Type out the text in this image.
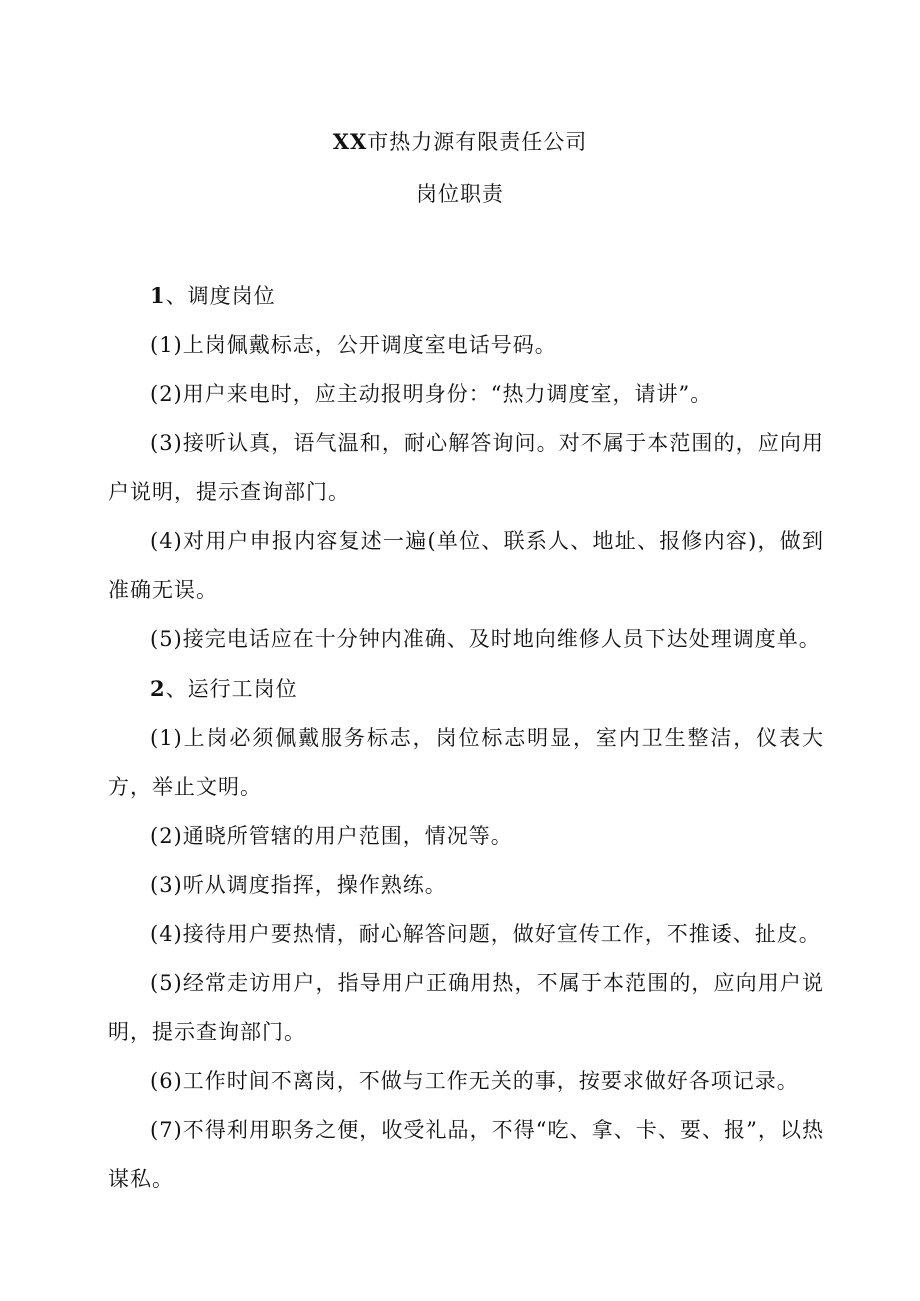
XX市热力源有限责任公司
岗位职责

1、调度岗位

(1)上岗佩戴标志，公开调度室电话号码。

(2)用户来电时，应主动报明身份：“热力调度室，请讲”。

(3)接听认真，语气温和，耐心解答询问。对不属于本范围的，应向用户说明，提示查询部门。

(4)对用户申报内容复述一遍(单位、联系人、地址、报修内容)，做到准确无误。

(5)接完电话应在十分钟内准确、及时地向维修人员下达处理调度单。

2、运行工岗位

(1)上岗必须佩戴服务标志，岗位标志明显，室内卫生整洁，仪表大方，举止文明。

(2)通晓所管辖的用户范围，情况等。

(3)听从调度指挥，操作熟练。

(4)接待用户要热情，耐心解答问题，做好宣传工作，不推诿、扯皮。

(5)经常走访用户，指导用户正确用热，不属于本范围的，应向用户说明，提示查询部门。

(6)工作时间不离岗，不做与工作无关的事，按要求做好各项记录。

(7)不得利用职务之便，收受礼品，不得“吃、拿、卡、要、报”，以热谋私。
